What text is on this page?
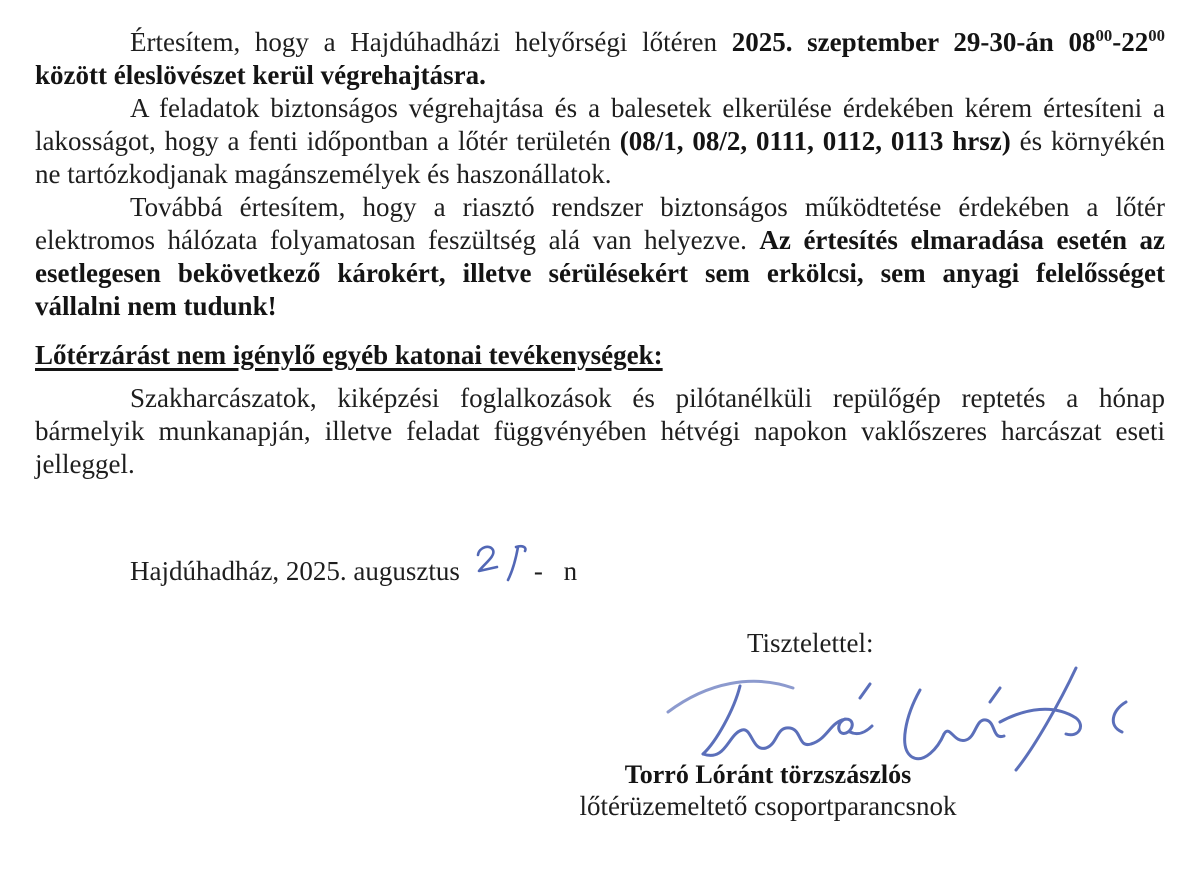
Értesítem, hogy a Hajdúhadházi helyőrségi lőtéren 2025. szeptember 29-30-án $08^{00}-22^{00}$ között éleslövészet kerül végrehajtásra.

A feladatok biztonságos végrehajtása és a balesetek elkerülése érdekében kérem értesíteni a lakosságot, hogy a fenti időpontban a lőtér területén (08/1, 08/2, 0111, 0112, 0113 hrsz) és környékén ne tartózkodjanak magánszemélyek és haszonállatok.

Továbbá értesítem, hogy a riasztó rendszer biztonságos működtetése érdekében a lőtér elektromos hálózata folyamatosan feszültség alá van helyezve. Az értesítés elmaradása esetén az esetlegesen bekövetkező károkért, illetve sérülésekért sem erkölcsi, sem anyagi felelősséget vállalni nem tudunk!

Lőtérzárást nem igénylő egyéb katonai tevékenységek:

Szakharcászatok, kiképzési foglalkozások és pilótanélküli repülőgép reptetés a hónap bármelyik munkanapján, illetve feladat függvényében hétvégi napokon vaklőszeres harcászat eseti jelleggel.

Hajdúhadház, 2025. augusztus	- n
Tisztelettel:
Torró Lóránt törzszászlós
lőtérüzemeltető csoportparancsnok
